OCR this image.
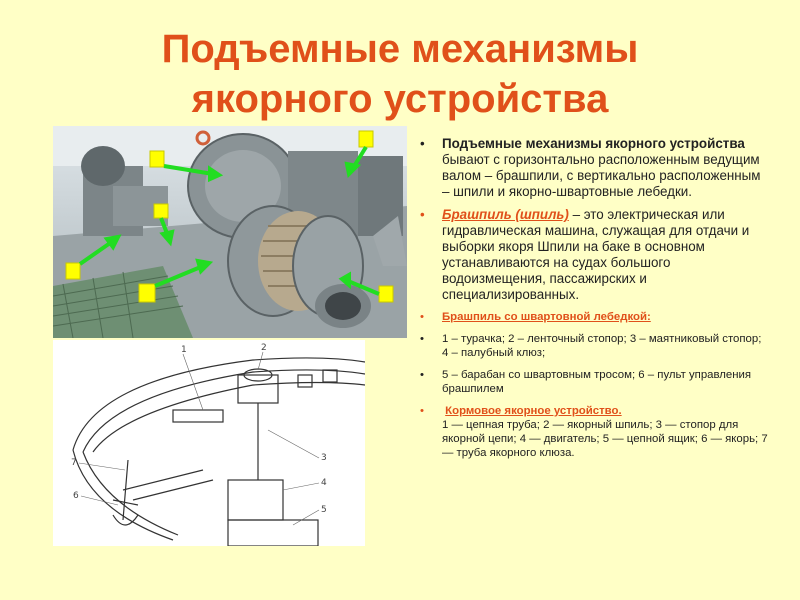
Подъемные механизмы
якорного устройства
1	2
3
4
5
6
7
• Подъемные механизмы якорного устройства бывают с горизонтально расположенным ведущим валом – брашпили, с вертикально расположенным – шпили и якорно-швартовные лебедки.
• Брашпиль (шпиль) – это электрическая или гидравлическая машина, служащая для отдачи и выборки якоря Шпили на баке в основном устанавливаются на судах большого водоизмещения, пассажирских и специализированных.
• Брашпиль со швартовной лебедкой:
• 1 – турачка; 2 – ленточный стопор; 3 – маятниковый стопор; 4 – палубный клюз;
• 5 – барабан со швартовным тросом; 6 – пульт управления брашпилем
• Кормовое якорное устройство.
1 — цепная труба; 2 — якорный шпиль; 3 — стопор для якорной цепи; 4 — двигатель; 5 — цепной ящик; 6 — якорь; 7 — труба якорного клюза.
